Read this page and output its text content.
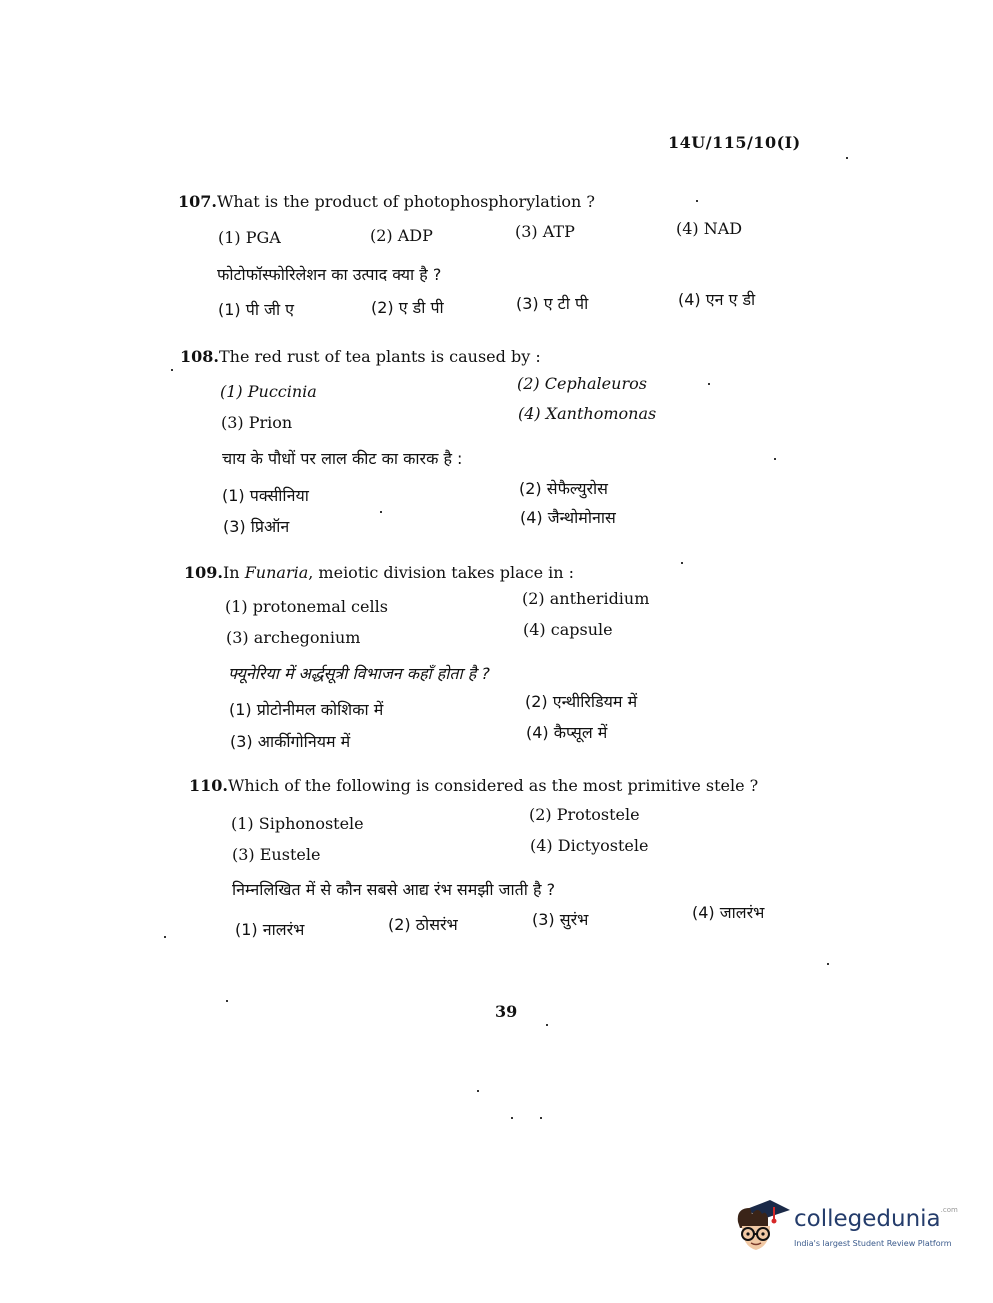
14U/115/10(I)
107.What is the product of photophosphorylation ?
(1) PGA	(2) ADP	(3) ATP	(4) NAD
फोटोफॉस्फोरिलेशन का उत्पाद क्या है ?
(1) पी जी ए	(2) ए डी पी	(3) ए टी पी	(4) एन ए डी
108.The red rust of tea plants is caused by :
(1) Puccinia	(2) Cephaleuros
(3) Prion	(4) Xanthomonas
चाय के पौधों पर लाल कीट का कारक है :
(1) पक्सीनिया	(2) सेफैल्युरोस
(3) प्रिऑन	(4) जैन्थोमोनास
109.In Funaria, meiotic division takes place in :
(1) protonemal cells	(2) antheridium
(3) archegonium	(4) capsule
फ्यूनेरिया में अर्द्धसूत्री विभाजन कहाँ होता है ?
(1) प्रोटोनीमल कोशिका में	(2) एन्थीरिडियम में
(3) आर्कीगोनियम में	(4) कैप्सूल में
110.Which of the following is considered as the most primitive stele ?
(1) Siphonostele	(2) Protostele
(3) Eustele	(4) Dictyostele
निम्नलिखित में से कौन सबसे आद्य रंभ समझी जाती है ?
(1) नालरंभ	(2) ठोसरंभ	(3) सुरंभ	(4) जालरंभ
39
collegedunia$^{.com}$
India's largest Student Review Platform
